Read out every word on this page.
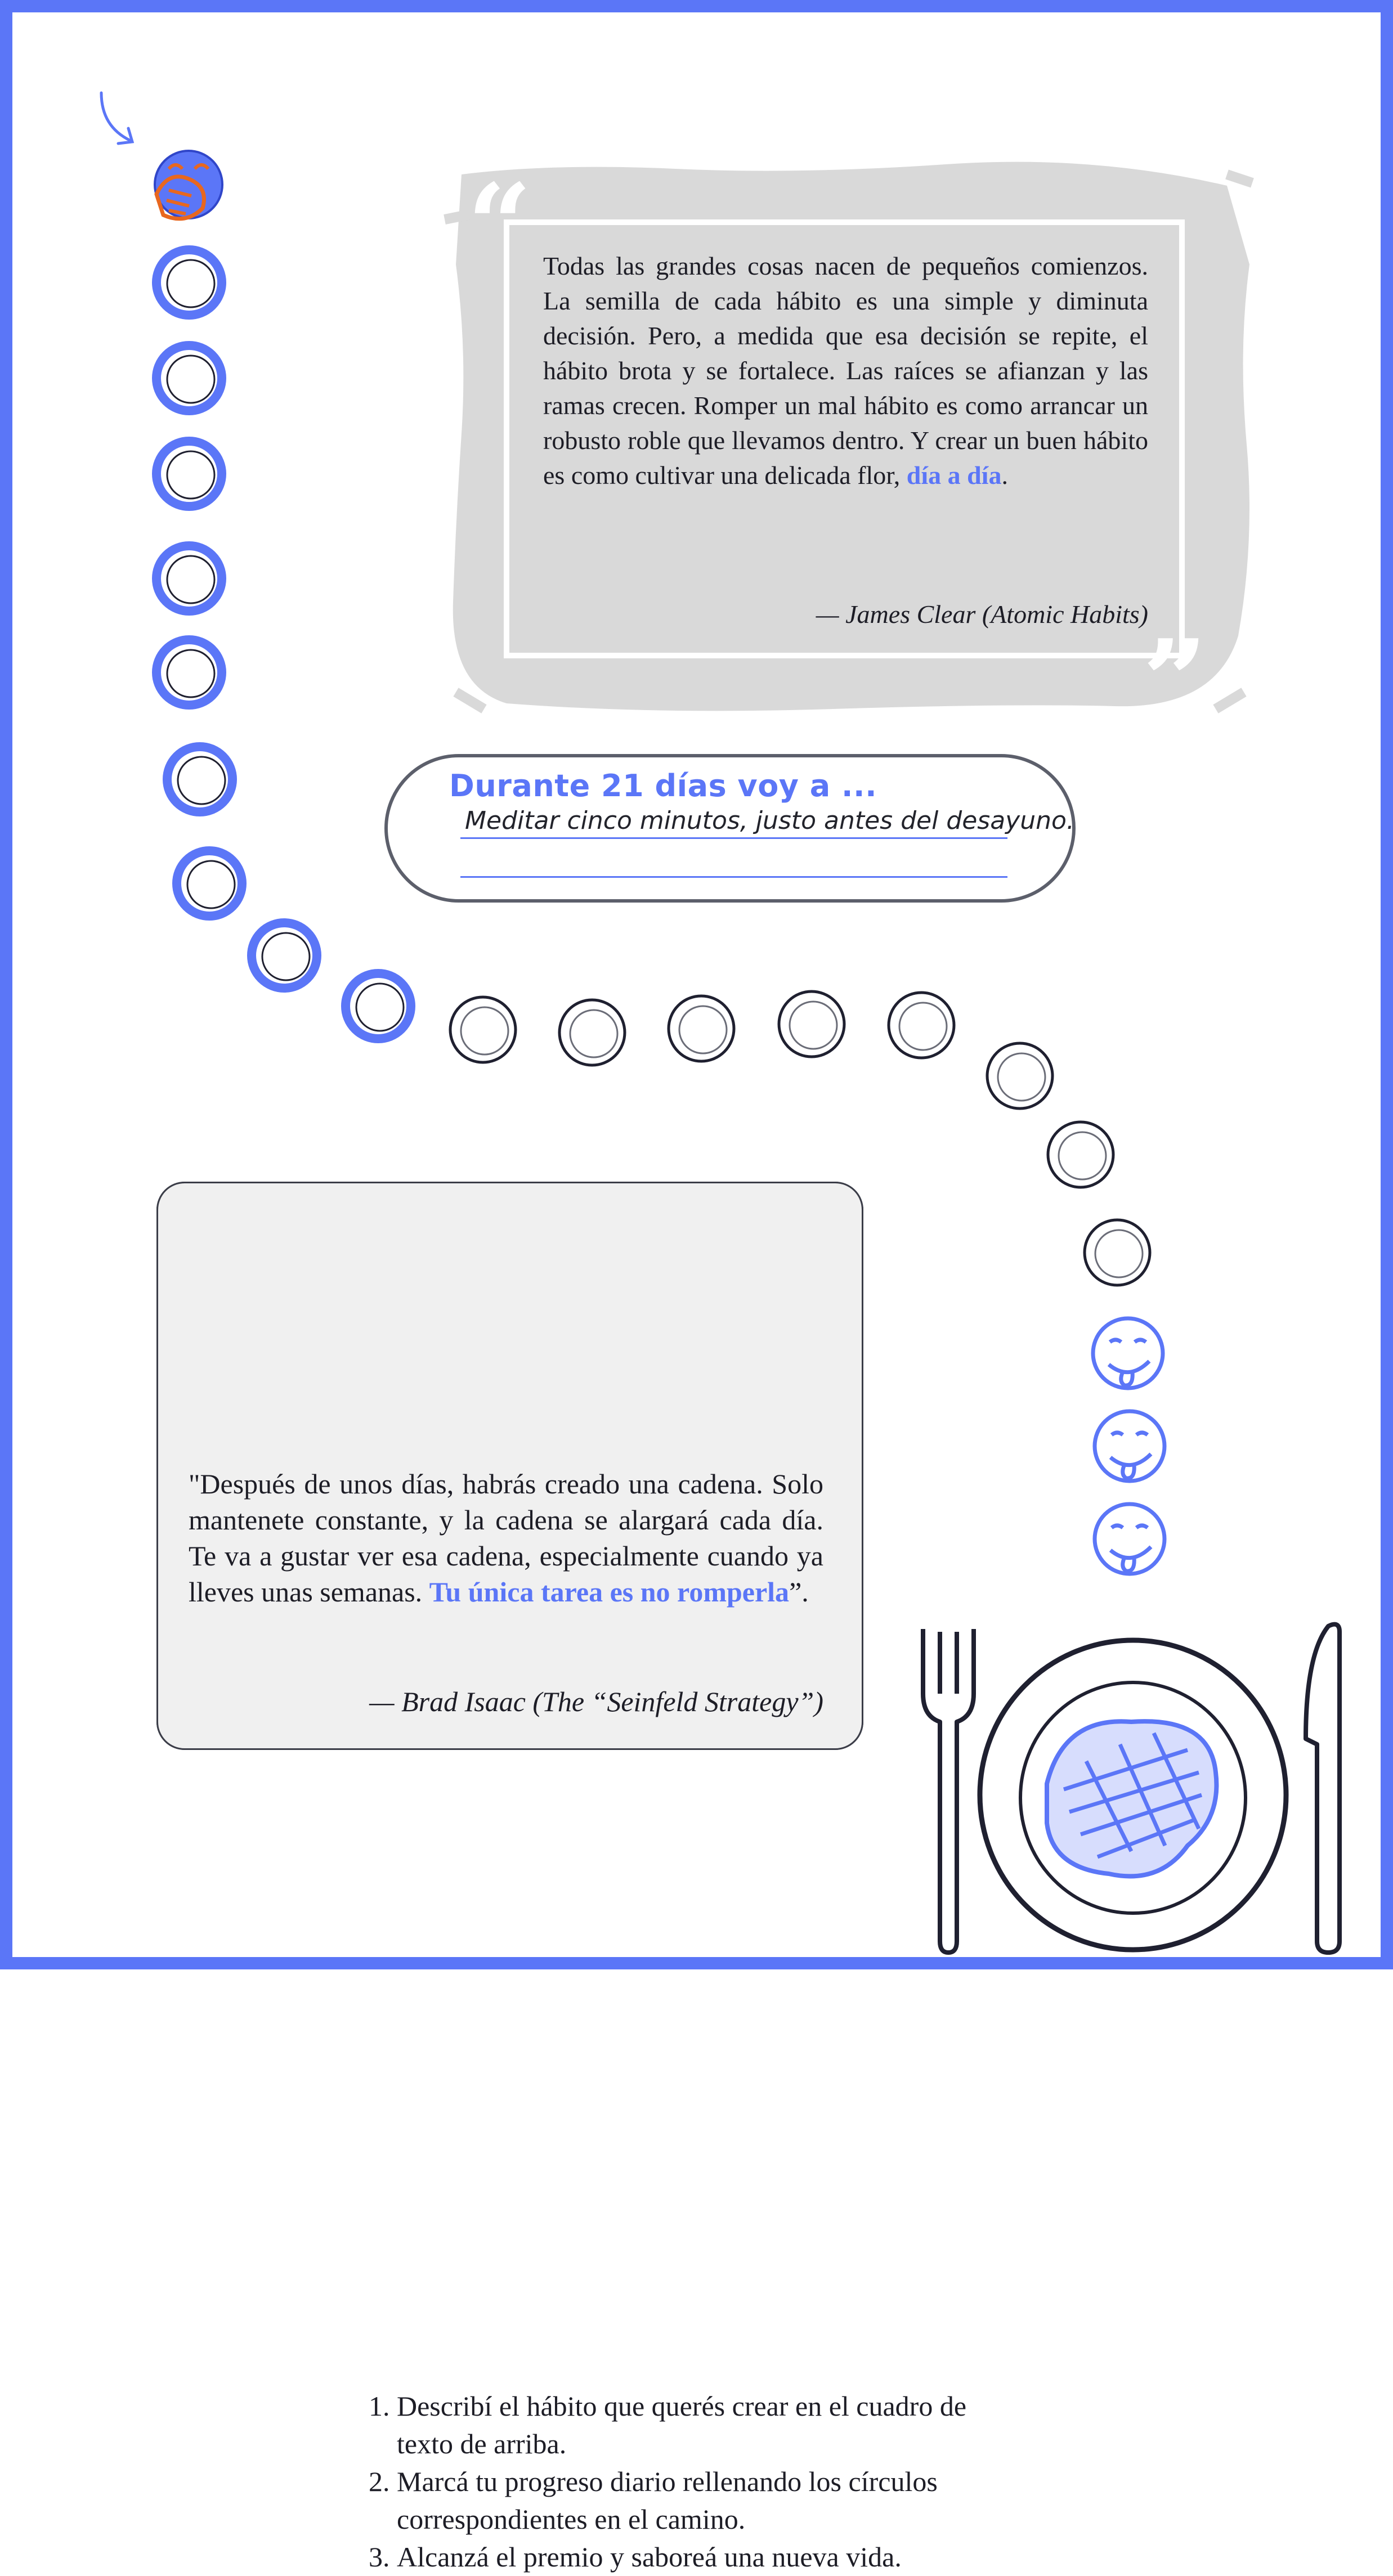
“
”
Todas las grandes cosas nacen de pequeños comienzos. La semilla de cada hábito es una simple y diminuta decisión. Pero, a medida que esa decisión se repite, el hábito brota y se fortalece. Las raíces se afianzan y las ramas crecen. Romper un mal hábito es como arrancar un robusto roble que llevamos dentro. Y crear un buen hábito es como cultivar una delicada flor, día a día.
— James Clear (Atomic Habits)
Durante 21 días voy a ...
Meditar cinco minutos, justo antes del desayuno.
1. Describí el hábito que querés crear en el cuadro de texto de arriba.
2. Marcá tu progreso diario rellenando los círculos correspondientes en el camino.
3. Alcanzá el premio y saboreá una nueva vida.
"Después de unos días, habrás creado una cadena. Solo mantenete constante, y la cadena se alargará cada día. Te va a gustar ver esa cadena, especialmente cuando ya lleves unas semanas. Tu única tarea es no romperla”.
— Brad Isaac (The “Seinfeld Strategy”)
